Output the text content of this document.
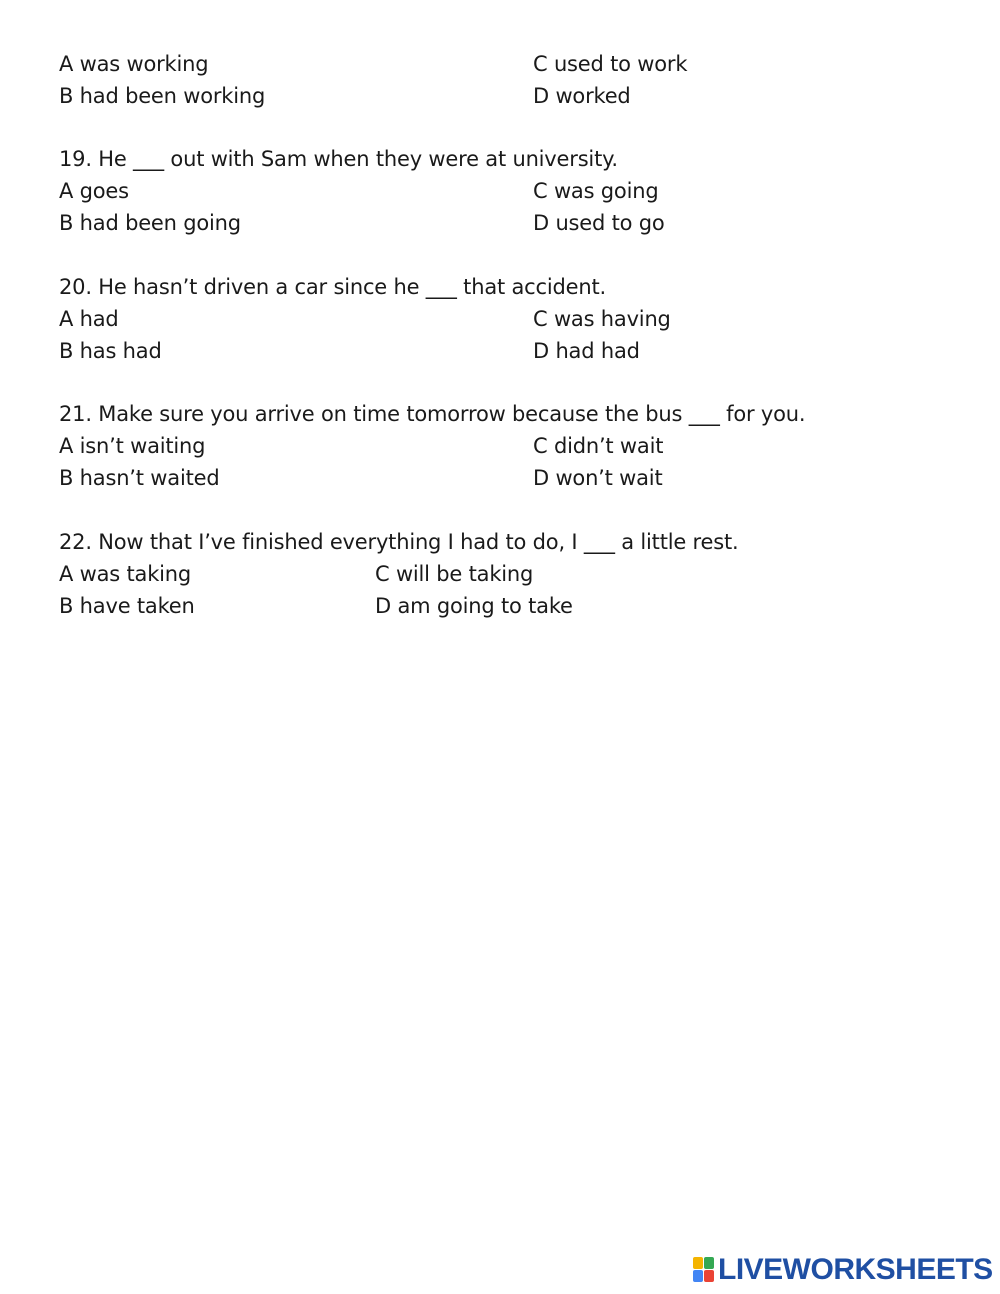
A was working	C used to work
B had been working	D worked
19. He ___ out with Sam when they were at university.
A goes	C was going
B had been going	D used to go
20. He hasn’t driven a car since he ___ that accident.
A had	C was having
B has had	D had had
21. Make sure you arrive on time tomorrow because the bus ___ for you.
A isn’t waiting	C didn’t wait
B hasn’t waited	D won’t wait
22. Now that I’ve finished everything I had to do, I ___ a little rest.
A was taking	C will be taking
B have taken	D am going to take
LIVEWORKSHEETS
